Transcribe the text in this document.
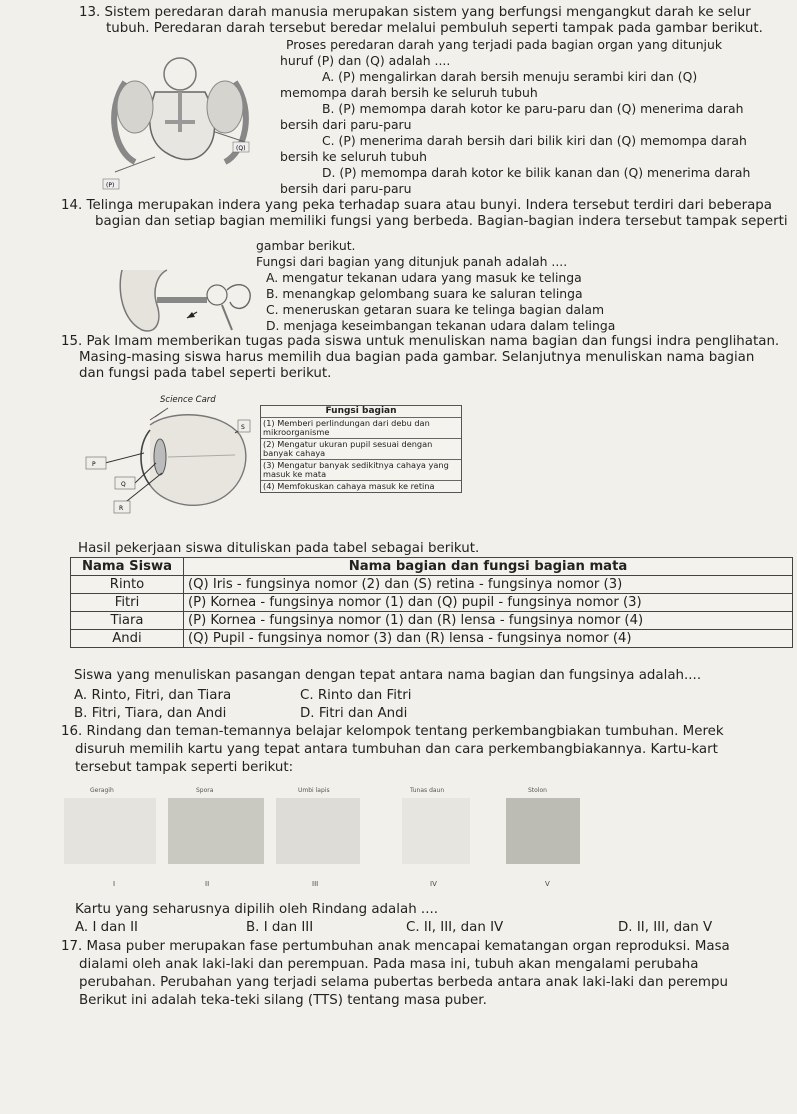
13. Sistem peredaran darah manusia merupakan sistem yang berfungsi mengangkut darah ke selur
tubuh. Peredaran darah tersebut beredar melalui pembuluh seperti tampak pada gambar berikut.
(Q)
(P)
Proses peredaran darah yang terjadi pada bagian organ yang ditunjuk
huruf (P) dan (Q) adalah ....
A. (P) mengalirkan darah bersih menuju serambi kiri dan (Q)
memompa darah bersih ke seluruh tubuh
B. (P) memompa darah kotor ke paru-paru dan (Q) menerima darah
bersih dari paru-paru
C. (P) menerima darah bersih dari bilik kiri dan (Q) memompa darah
bersih ke seluruh tubuh
D. (P) memompa darah kotor ke bilik kanan dan (Q) menerima darah
bersih dari paru-paru
14. Telinga merupakan indera yang peka terhadap suara atau bunyi. Indera tersebut terdiri dari beberapa
bagian dan setiap bagian memiliki fungsi yang berbeda. Bagian-bagian indera tersebut tampak seperti
gambar berikut.
Fungsi dari bagian yang ditunjuk panah adalah ....
A. mengatur tekanan udara yang masuk ke telinga
B. menangkap gelombang suara ke saluran telinga
C. meneruskan getaran suara ke telinga bagian dalam
D. menjaga keseimbangan tekanan udara dalam telinga
15. Pak Imam memberikan tugas pada siswa untuk menuliskan nama bagian dan fungsi indra penglihatan.
Masing-masing siswa harus memilih dua bagian pada gambar. Selanjutnya menuliskan nama bagian
dan fungsi pada tabel seperti berikut.
Science Card
P
Q
R
S
Fungsi bagian
(1) Memberi perlindungan dari debu dan mikroorganisme
(2) Mengatur ukuran pupil sesuai dengan banyak cahaya
(3) Mengatur banyak sedikitnya cahaya yang masuk ke mata
(4) Memfokuskan cahaya masuk ke retina
Hasil pekerjaan siswa dituliskan pada tabel sebagai berikut.
Nama Siswa	Nama bagian dan fungsi bagian mata
Rinto	(Q) Iris - fungsinya nomor (2) dan (S) retina - fungsinya nomor (3)
Fitri	(P) Kornea - fungsinya nomor (1) dan (Q) pupil - fungsinya nomor (3)
Tiara	(P) Kornea - fungsinya nomor (1) dan (R) lensa - fungsinya nomor (4)
Andi	(Q) Pupil - fungsinya nomor (3) dan (R) lensa - fungsinya nomor (4)
Siswa yang menuliskan pasangan dengan tepat antara nama bagian dan fungsinya adalah....
A. Rinto, Fitri, dan Tiara	C. Rinto dan Fitri
B. Fitri, Tiara, dan Andi	D. Fitri dan Andi
16. Rindang dan teman-temannya belajar kelompok tentang perkembangbiakan tumbuhan. Merek
disuruh memilih kartu yang tepat antara tumbuhan dan cara perkembangbiakannya. Kartu-kart
tersebut tampak seperti berikut:
Geragih	Spora	Umbi lapis	Tunas daun	Stolon
I	II	III	IV	V
Kartu yang seharusnya dipilih oleh Rindang adalah ....
A. I dan II	B. I dan III	C. II, III, dan IV	D. II, III, dan V
17. Masa puber merupakan fase pertumbuhan anak mencapai kematangan organ reproduksi. Masa
dialami oleh anak laki-laki dan perempuan. Pada masa ini, tubuh akan mengalami perubaha
perubahan. Perubahan yang terjadi selama pubertas berbeda antara anak laki-laki dan perempu
Berikut ini adalah teka-teki silang (TTS) tentang masa puber.
